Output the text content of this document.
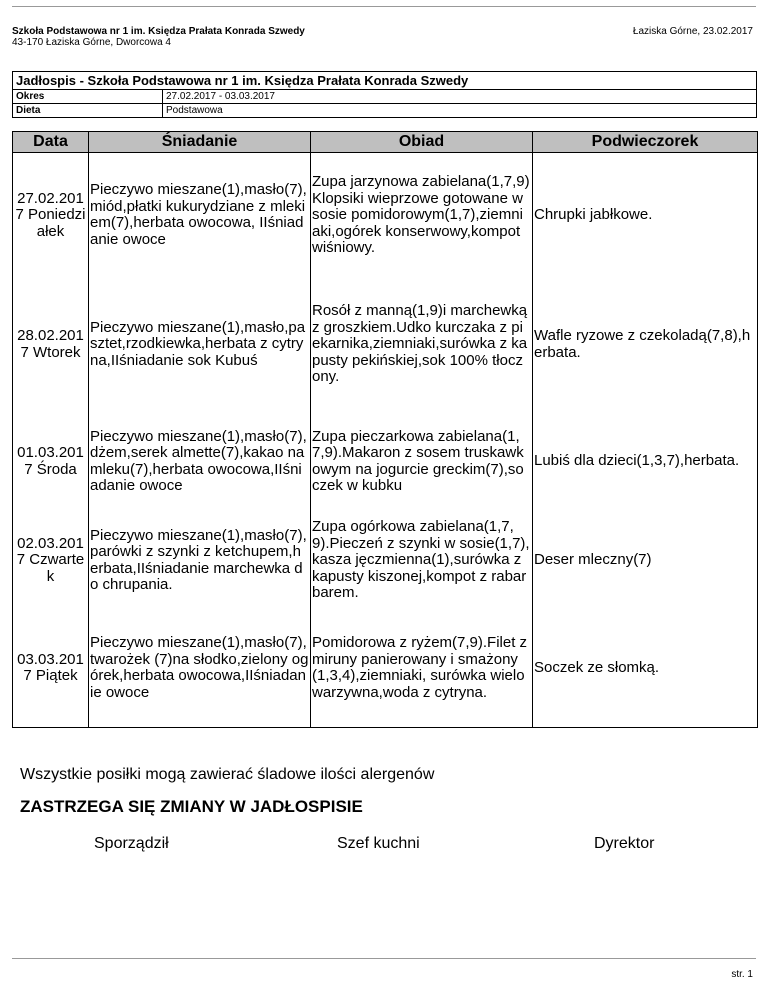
Szkoła Podstawowa nr 1 im. Księdza Prałata Konrada Szwedy
43-170 Łaziska Górne, Dworcowa 4
Łaziska Górne, 23.02.2017
Jadłospis - Szkoła Podstawowa nr 1 im. Księdza Prałata Konrada Szwedy	
Okres	27.02.2017 - 03.03.2017
Dieta	Podstawowa
Data	Śniadanie	Obiad	Podwieczorek
27.02.2017 Poniedziałek	Pieczywo mieszane(1),masło(7),miód,płatki kukurydziane z mlekiem(7),herbata owocowa, IIśniadanie owoce	Zupa jarzynowa zabielana(1,7,9)Klopsiki wieprzowe gotowane w sosie pomidorowym(1,7),ziemniaki,ogórek konserwowy,kompot wiśniowy.	Chrupki jabłkowe.
28.02.2017 Wtorek	Pieczywo mieszane(1),masło,pasztet,rzodkiewka,herbata z cytryna,IIśniadanie sok Kubuś	Rosół z manną(1,9)i marchewką z groszkiem.Udko kurczaka z piekarnika,ziemniaki,surówka z kapusty pekińskiej,sok 100% tłoczony.	Wafle ryzowe z czekoladą(7,8),herbata.
01.03.2017 Środa	Pieczywo mieszane(1),masło(7),dżem,serek almette(7),kakao na mleku(7),herbata owocowa,IIśniadanie owoce	Zupa pieczarkowa zabielana(1,7,9).Makaron z sosem truskawkowym na jogurcie greckim(7),soczek w kubku	Lubiś dla dzieci(1,3,7),herbata.
02.03.2017 Czwartek	Pieczywo mieszane(1),masło(7),parówki z szynki z ketchupem,herbata,IIśniadanie marchewka do chrupania.	Zupa ogórkowa zabielana(1,7,9).Pieczeń z szynki w sosie(1,7),kasza jęczmienna(1),surówka z kapusty kiszonej,kompot z rabarbarem.	Deser mleczny(7)
03.03.2017 Piątek	Pieczywo mieszane(1),masło(7),twarożek (7)na słodko,zielony ogórek,herbata owocowa,IIśniadanie owoce	Pomidorowa z ryżem(7,9).Filet z miruny panierowany i smażony(1,3,4),ziemniaki, surówka wielowarzywna,woda z cytryna.	Soczek ze słomką.
Wszystkie posiłki mogą zawierać śladowe ilości alergenów
ZASTRZEGA SIĘ ZMIANY W JADŁOSPISIE
Sporządził	Szef kuchni	Dyrektor
str. 1
